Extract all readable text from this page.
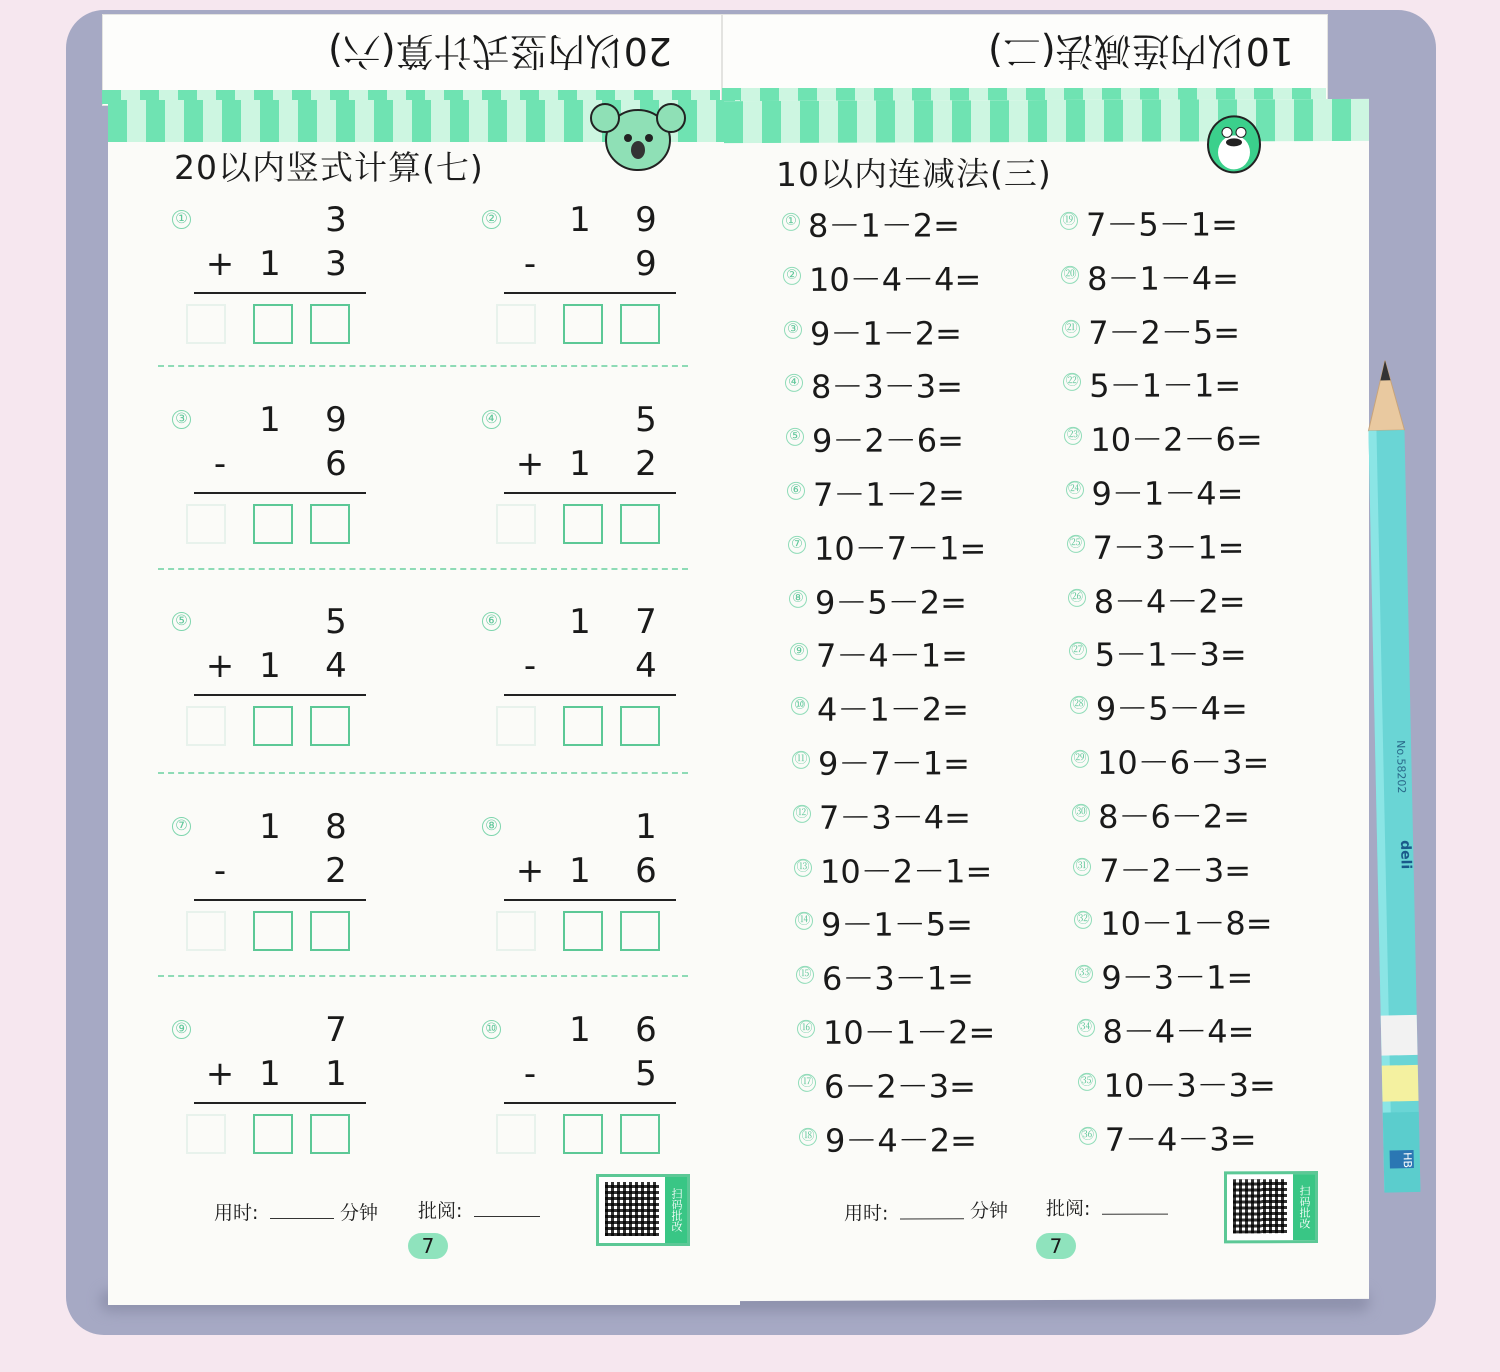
20以内竖式计算(六)	10以内连减法(二)
20以内竖式计算(七)
①	3
+ 1 3
② 1 9
-	9
③ 1 9
-	6
④	5
+ 1 2
⑤	5
+ 1 4
⑥ 1 7
-	4
⑦ 1 8
-	2
⑧	1
+ 1 6
⑨	7
+ 1 1
⑩ 1 6
-	5
用时:	分钟 批阅:	扫码批改
7
10以内连减法(三)
① 8－1－2=
② 10－4－4=
③ 9－1－2=
④ 8－3－3=
⑤ 9－2－6=
⑥ 7－1－2=
⑦ 10－7－1=
⑧ 9－5－2=
⑨ 7－4－1=
⑩ 4－1－2=
⑪ 9－7－1=
⑫ 7－3－4=
⑬ 10－2－1=
⑭ 9－1－5=
⑮ 6－3－1=
⑯ 10－1－2=
⑰ 6－2－3=
⑱ 9－4－2=
⑲ 7－5－1=
⑳ 8－1－4=
㉑ 7－2－5=
㉒ 5－1－1=
㉓ 10－2－6=
㉔ 9－1－4=
㉕ 7－3－1=
㉖ 8－4－2=
㉗ 5－1－3=
㉘ 9－5－4=
㉙ 10－6－3=
㉚ 8－6－2=
㉛ 7－2－3=
㉜ 10－1－8=
㉝ 9－3－1=
㉞ 8－4－4=
㉟ 10－3－3=
㊱ 7－4－3=
用时:	分钟 批阅:	扫码批改
7
deli
No.58202
HB
